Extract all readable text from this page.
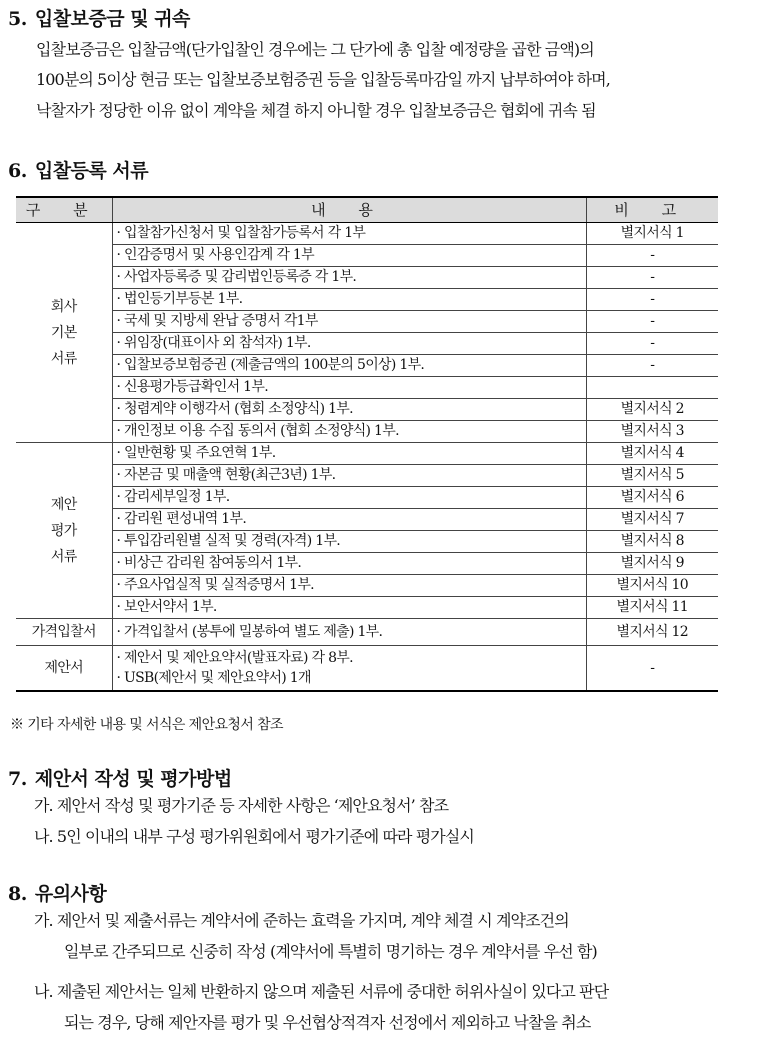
5. 입찰보증금 및 귀속
입찰보증금은 입찰금액(단가입찰인 경우에는 그 단가에 총 입찰 예정량을 곱한 금액)의
100분의 5이상 현금 또는 입찰보증보험증권 등을 입찰등록마감일 까지 납부하여야 하며,
낙찰자가 정당한 이유 없이 계약을 체결 하지 아니할 경우 입찰보증금은 협회에 귀속 됨
6. 입찰등록 서류
구 분	내 용	비 고

회사
기본
서류	· 입찰참가신청서 및 입찰참가등록서 각 1부	별지서식 1
	· 인감증명서 및 사용인감계 각 1부	-
	· 사업자등록증 및 감리법인등록증 각 1부.	-
	· 법인등기부등본 1부.	-
	· 국세 및 지방세 완납 증명서 각1부	-
	· 위임장(대표이사 외 참석자) 1부.	-
	· 입찰보증보험증권 (제출금액의 100분의 5이상) 1부.	-
	· 신용평가등급확인서 1부.	
	· 청렴계약 이행각서 (협회 소정양식) 1부.	별지서식 2
	· 개인정보 이용 수집 동의서 (협회 소정양식) 1부.	별지서식 3

제안
평가
서류	· 일반현황 및 주요연혁 1부.	별지서식 4
	· 자본금 및 매출액 현황(최근3년) 1부.	별지서식 5
	· 감리세부일정 1부.	별지서식 6
	· 감리원 편성내역 1부.	별지서식 7
	· 투입감리원별 실적 및 경력(자격) 1부.	별지서식 8
	· 비상근 감리원 참여동의서 1부.	별지서식 9
	· 주요사업실적 및 실적증명서 1부.	별지서식 10
	· 보안서약서 1부.	별지서식 11
가격입찰서	· 가격입찰서 (봉투에 밀봉하여 별도 제출) 1부.	별지서식 12
제안서	· 제안서 및 제안요약서(발표자료) 각 8부.
· USB(제안서 및 제안요약서) 1개	-
※ 기타 자세한 내용 및 서식은 제안요청서 참조
7. 제안서 작성 및 평가방법
가. 제안서 작성 및 평가기준 등 자세한 사항은 ‘제안요청서’ 참조
나. 5인 이내의 내부 구성 평가위원회에서 평가기준에 따라 평가실시
8. 유의사항
가. 제안서 및 제출서류는 계약서에 준하는 효력을 가지며, 계약 체결 시 계약조건의
일부로 간주되므로 신중히 작성 (계약서에 특별히 명기하는 경우 계약서를 우선 함)
나. 제출된 제안서는 일체 반환하지 않으며 제출된 서류에 중대한 허위사실이 있다고 판단
되는 경우, 당해 제안자를 평가 및 우선협상적격자 선정에서 제외하고 낙찰을 취소
